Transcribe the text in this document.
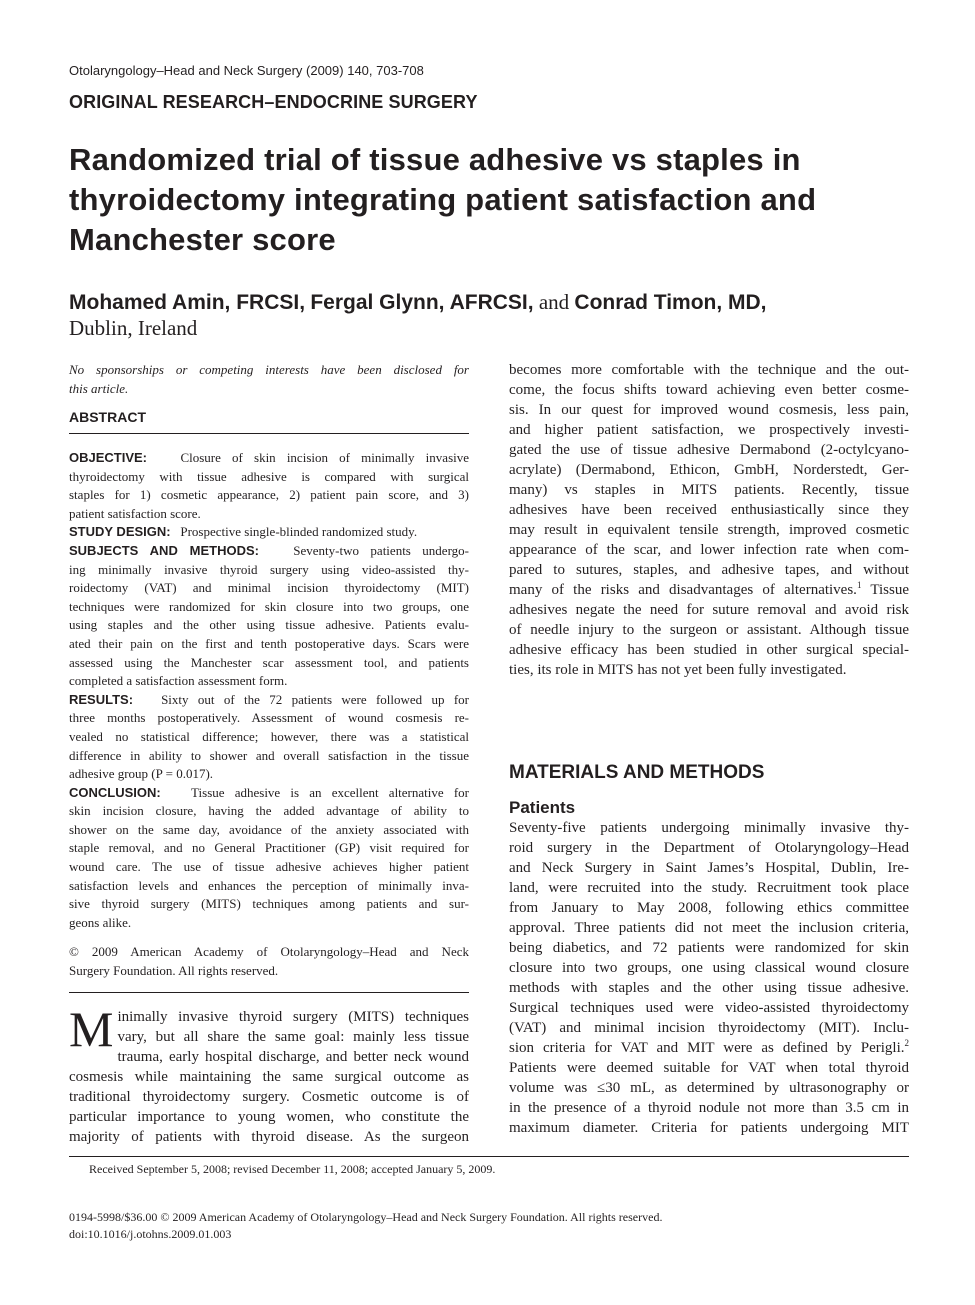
Otolaryngology–Head and Neck Surgery (2009) 140, 703-708
ORIGINAL RESEARCH–ENDOCRINE SURGERY
Randomized trial of tissue adhesive vs staples in thyroidectomy integrating patient satisfaction and Manchester score
Mohamed Amin, FRCSI, Fergal Glynn, AFRCSI, and Conrad Timon, MD,
Dublin, Ireland
No sponsorships or competing interests have been disclosed for
this article.
ABSTRACT
OBJECTIVE:	Closure of skin incision of minimally invasive
thyroidectomy with tissue adhesive is compared with surgical
staples for 1) cosmetic appearance, 2) patient pain score, and 3)
patient satisfaction score.
STUDY DESIGN: Prospective single-blinded randomized study.
SUBJECTS AND METHODS:	Seventy-two patients undergo-
ing minimally invasive thyroid surgery using video-assisted thy-
roidectomy (VAT) and minimal incision thyroidectomy (MIT)
techniques were randomized for skin closure into two groups, one
using staples and the other using tissue adhesive. Patients evalu-
ated their pain on the first and tenth postoperative days. Scars were
assessed using the Manchester scar assessment tool, and patients
completed a satisfaction assessment form.
RESULTS: Sixty out of the 72 patients were followed up for
three months postoperatively. Assessment of wound cosmesis re-
vealed no statistical difference; however, there was a statistical
difference in ability to shower and overall satisfaction in the tissue
adhesive group (P = 0.017).
CONCLUSION: Tissue adhesive is an excellent alternative for
skin incision closure, having the added advantage of ability to
shower on the same day, avoidance of the anxiety associated with
staple removal, and no General Practitioner (GP) visit required for
wound care. The use of tissue adhesive achieves higher patient
satisfaction levels and enhances the perception of minimally inva-
sive thyroid surgery (MITS) techniques among patients and sur-
geons alike.
© 2009 American Academy of Otolaryngology–Head and Neck
Surgery Foundation. All rights reserved.
M inimally invasive thyroid surgery (MITS) techniques
vary, but all share the same goal: mainly less tissue
trauma, early hospital discharge, and better neck wound
cosmesis while maintaining the same surgical outcome as
traditional thyroidectomy surgery. Cosmetic outcome is of
particular importance to young women, who constitute the
majority of patients with thyroid disease. As the surgeon
becomes more comfortable with the technique and the out-
come, the focus shifts toward achieving even better cosme-
sis. In our quest for improved wound cosmesis, less pain,
and higher patient satisfaction, we prospectively investi-
gated the use of tissue adhesive Dermabond (2-octylcyano-
acrylate) (Dermabond, Ethicon, GmbH, Norderstedt, Ger-
many) vs staples in MITS patients. Recently, tissue
adhesives have been received enthusiastically since they
may result in equivalent tensile strength, improved cosmetic
appearance of the scar, and lower infection rate when com-
pared to sutures, staples, and adhesive tapes, and without
many of the risks and disadvantages of alternatives.$^1$ Tissue
adhesives negate the need for suture removal and avoid risk
of needle injury to the surgeon or assistant. Although tissue
adhesive efficacy has been studied in other surgical special-
ties, its role in MITS has not yet been fully investigated.
MATERIALS AND METHODS
Patients
Seventy-five patients undergoing minimally invasive thy-
roid surgery in the Department of Otolaryngology–Head
and Neck Surgery in Saint James’s Hospital, Dublin, Ire-
land, were recruited into the study. Recruitment took place
from January to May 2008, following ethics committee
approval. Three patients did not meet the inclusion criteria,
being diabetics, and 72 patients were randomized for skin
closure into two groups, one using classical wound closure
methods with staples and the other using tissue adhesive.
Surgical techniques used were video-assisted thyroidectomy
(VAT) and minimal incision thyroidectomy (MIT). Inclu-
sion criteria for VAT and MIT were as defined by Perigli.$^2$
Patients were deemed suitable for VAT when total thyroid
volume was ≤30 mL, as determined by ultrasonography or
in the presence of a thyroid nodule not more than 3.5 cm in
maximum diameter. Criteria for patients undergoing MIT
Received September 5, 2008; revised December 11, 2008; accepted January 5, 2009.
0194-5998/$36.00 © 2009 American Academy of Otolaryngology–Head and Neck Surgery Foundation. All rights reserved.
doi:10.1016/j.otohns.2009.01.003
